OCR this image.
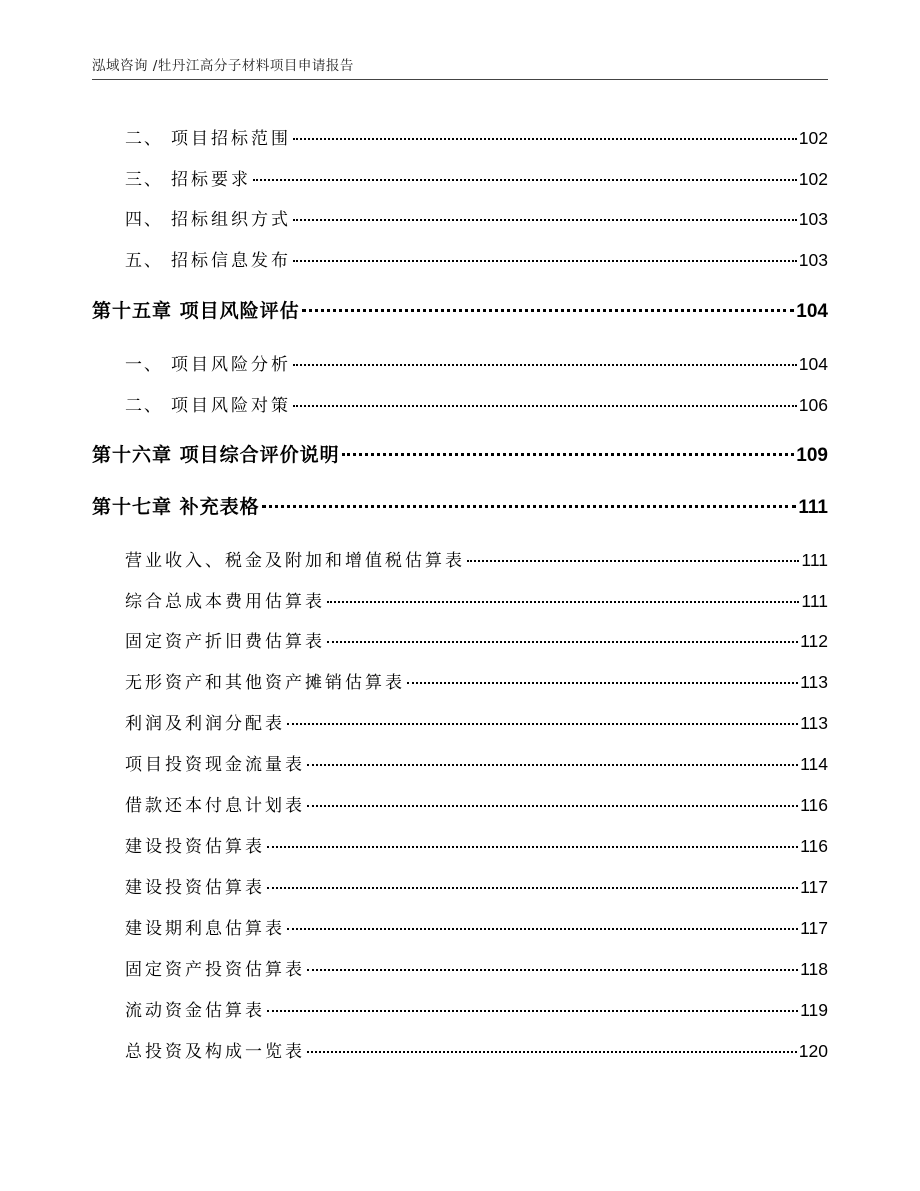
泓域咨询 /牡丹江高分子材料项目申请报告
二、 项目招标范围	102
三、 招标要求	102
四、 招标组织方式	103
五、 招标信息发布	103
第十五章 项目风险评估	104
一、 项目风险分析	104
二、 项目风险对策	106
第十六章 项目综合评价说明	109
第十七章 补充表格	111
营业收入、税金及附加和增值税估算表	111
综合总成本费用估算表	111
固定资产折旧费估算表	112
无形资产和其他资产摊销估算表	113
利润及利润分配表	113
项目投资现金流量表	114
借款还本付息计划表	116
建设投资估算表	116
建设投资估算表	117
建设期利息估算表	117
固定资产投资估算表	118
流动资金估算表	119
总投资及构成一览表	120
